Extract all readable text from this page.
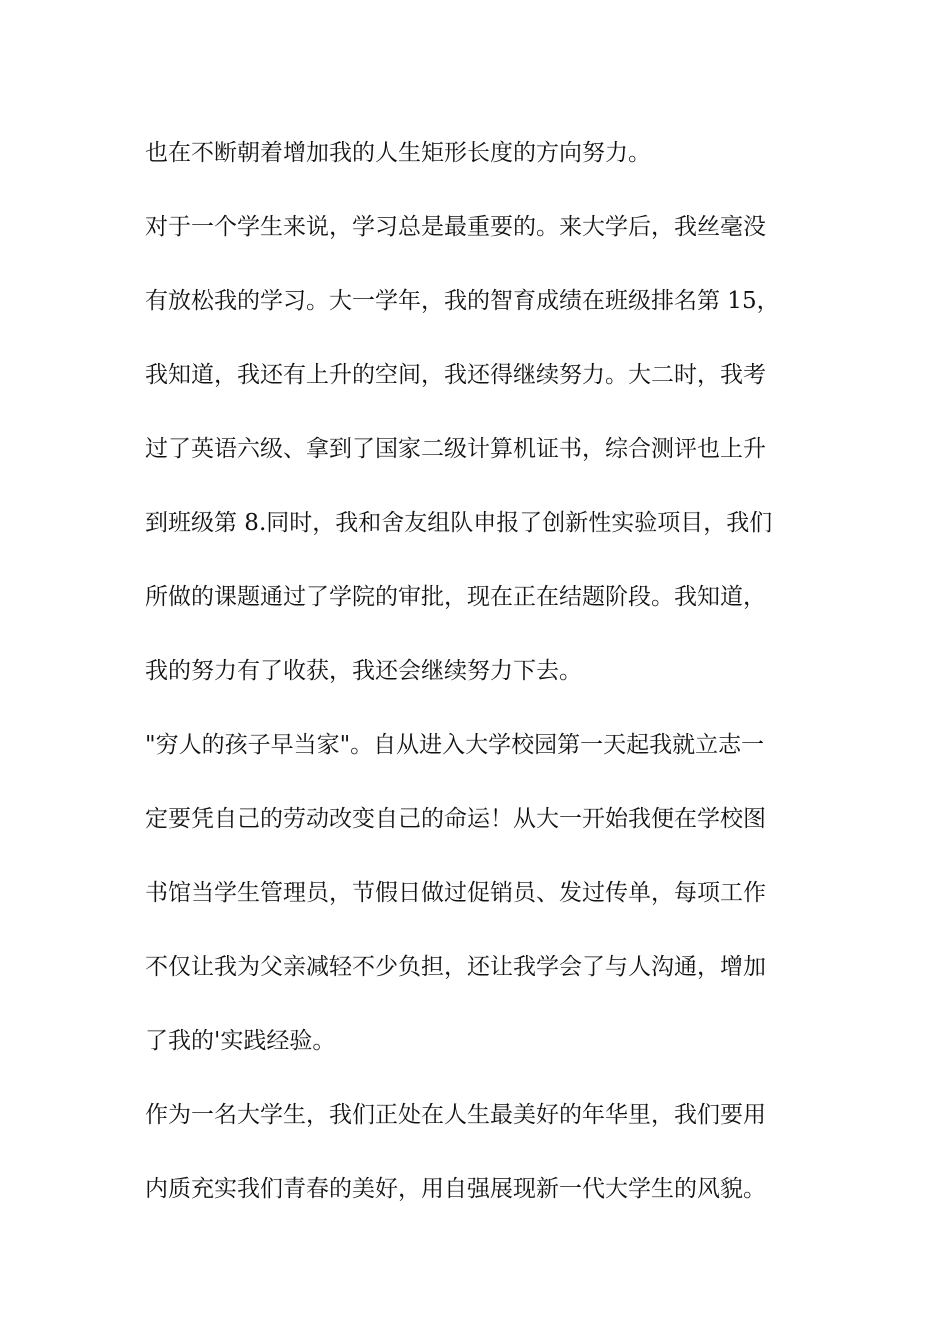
也在不断朝着增加我的人生矩形长度的方向努力。
对于一个学生来说，学习总是最重要的。来大学后，我丝毫没
有放松我的学习。大一学年，我的智育成绩在班级排名第 15，
我知道，我还有上升的空间，我还得继续努力。大二时，我考
过了英语六级、拿到了国家二级计算机证书，综合测评也上升
到班级第 8.同时，我和舍友组队申报了创新性实验项目，我们
所做的课题通过了学院的审批，现在正在结题阶段。我知道，
我的努力有了收获，我还会继续努力下去。
"穷人的孩子早当家"。自从进入大学校园第一天起我就立志一
定要凭自己的劳动改变自己的命运！从大一开始我便在学校图
书馆当学生管理员，节假日做过促销员、发过传单，每项工作
不仅让我为父亲减轻不少负担，还让我学会了与人沟通，增加
了我的'实践经验。
作为一名大学生，我们正处在人生最美好的年华里，我们要用
内质充实我们青春的美好，用自强展现新一代大学生的风貌。
